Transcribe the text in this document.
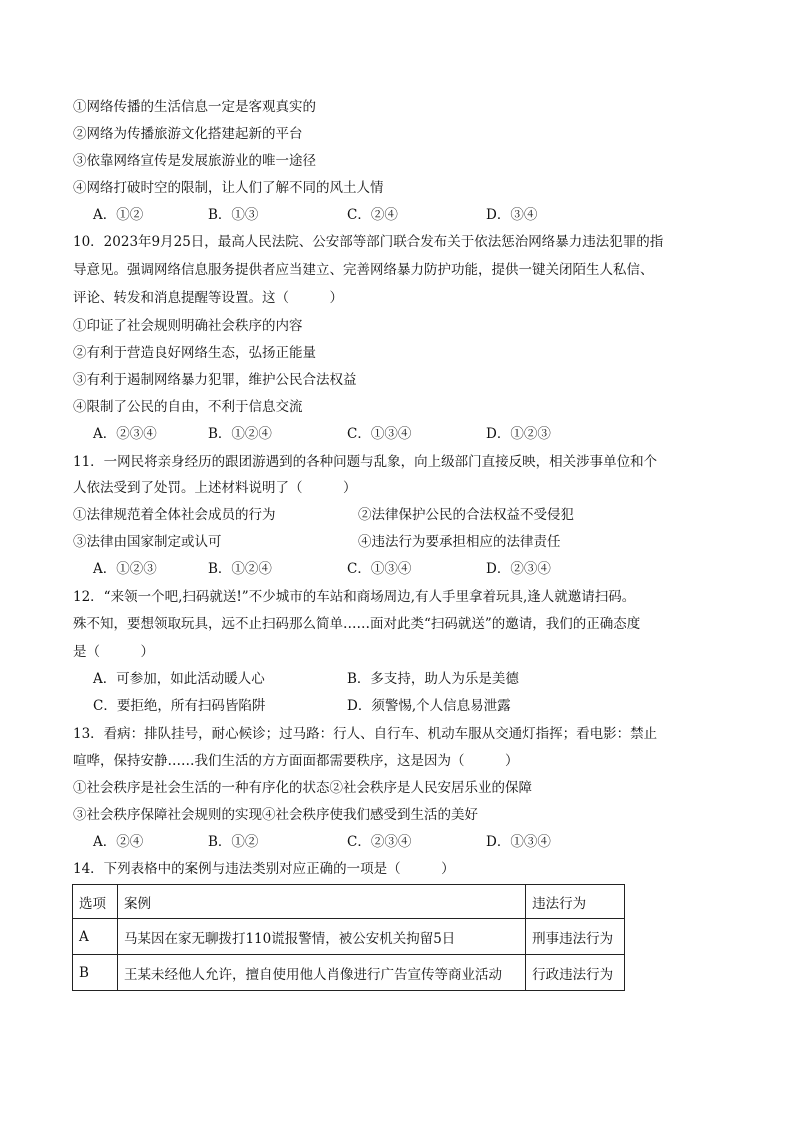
①网络传播的生活信息一定是客观真实的
②网络为传播旅游文化搭建起新的平台
③依靠网络宣传是发展旅游业的唯一途径
④网络打破时空的限制，让人们了解不同的风土人情
A．①②	B．①③	C．②④	D．③④
10．2023年9月25日，最高人民法院、公安部等部门联合发布关于依法惩治网络暴力违法犯罪的指
导意见。强调网络信息服务提供者应当建立、完善网络暴力防护功能，提供一键关闭陌生人私信、
评论、转发和消息提醒等设置。这（　　　）
①印证了社会规则明确社会秩序的内容
②有利于营造良好网络生态，弘扬正能量
③有利于遏制网络暴力犯罪，维护公民合法权益
④限制了公民的自由，不利于信息交流
A．②③④	B．①②④	C．①③④	D．①②③
11．一网民将亲身经历的跟团游遇到的各种问题与乱象，向上级部门直接反映，相关涉事单位和个
人依法受到了处罚。上述材料说明了（　　　）
①法律规范着全体社会成员的行为	②法律保护公民的合法权益不受侵犯
③法律由国家制定或认可	④违法行为要承担相应的法律责任
A．①②③	B．①②④	C．①③④	D．②③④
12．“来领一个吧,扫码就送!”不少城市的车站和商场周边,有人手里拿着玩具,逢人就邀请扫码。
殊不知，要想领取玩具，远不止扫码那么简单……面对此类“扫码就送”的邀请，我们的正确态度
是（　　　）
A．可参加，如此活动暖人心	B．多支持，助人为乐是美德
C．要拒绝，所有扫码皆陷阱	D．须警惕,个人信息易泄露
13．看病：排队挂号，耐心候诊；过马路：行人、自行车、机动车服从交通灯指挥；看电影：禁止
喧哗，保持安静……我们生活的方方面面都需要秩序，这是因为（　　　）
①社会秩序是社会生活的一种有序化的状态②社会秩序是人民安居乐业的保障
③社会秩序保障社会规则的实现④社会秩序使我们感受到生活的美好
A．②④	B．①②	C．②③④	D．①③④
14．下列表格中的案例与违法类别对应正确的一项是（　　　）
选项	案例	违法行为
A	马某因在家无聊拨打110谎报警情，被公安机关拘留5日	刑事违法行为
B	王某未经他人允许，擅自使用他人肖像进行广告宣传等商业活动	行政违法行为
